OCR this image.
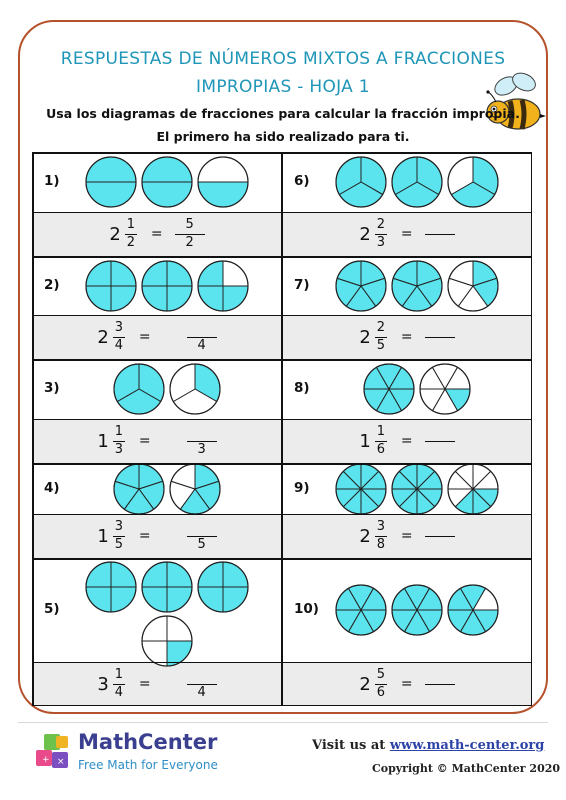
RESPUESTAS DE NÚMEROS MIXTOS A FRACCIONES
IMPROPIAS - HOJA 1
Usa los diagramas de fracciones para calcular la fracción impropia.
El primero ha sido realizado para ti.
1)
$2 \frac{1}{2}$ =
5
2
2)
$2 \frac{3}{4}$ =
4
3)
$1 \frac{1}{3}$ =
3
4)
$1 \frac{3}{5}$ =
5
5)
$3 \frac{1}{4}$ =
4
6)
$2 \frac{2}{3}$ =
7)
$2 \frac{2}{5}$ =
8)
$1 \frac{1}{6}$ =
9)
$2 \frac{3}{8}$ =
10)
$2 \frac{5}{6}$ =
+ ×
MathCenter
Free Math for Everyone
Visit us at www.math-center.org
Copyright © MathCenter 2020
